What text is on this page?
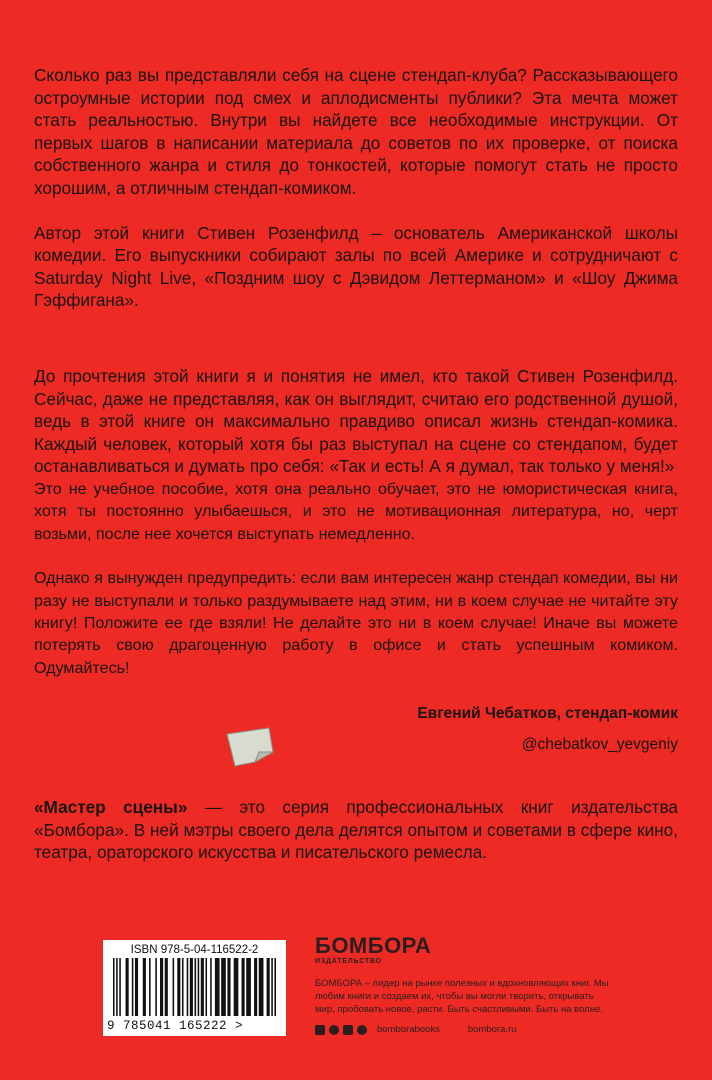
Сколько раз вы представляли себя на сцене стендап-клуба? Рассказывающего остроумные истории под смех и аплодисменты публики? Эта мечта может стать реальностью. Внутри вы найдете все необходимые инструкции. От первых шагов в написании материала до советов по их проверке, от поиска собственного жанра и стиля до тонкостей, которые помогут стать не просто хорошим, а отличным стендап-комиком.

Автор этой книги Стивен Розенфилд – основатель Американской школы комедии. Его выпускники собирают залы по всей Америке и сотрудничают с Saturday Night Live, «Поздним шоу с Дэвидом Леттерманом» и «Шоу Джима Гэффигана».

До прочтения этой книги я и понятия не имел, кто такой Стивен Розенфилд. Сейчас, даже не представляя, как он выглядит, считаю его родственной душой, ведь в этой книге он максимально правдиво описал жизнь стендап-комика. Каждый человек, который хотя бы раз выступал на сцене со стендапом, будет останавливаться и думать про себя: «Так и есть! А я думал, так только у меня!»

Это не учебное пособие, хотя она реально обучает, это не юмористическая книга, хотя ты постоянно улыбаешься, и это не мотивационная литература, но, черт возьми, после нее хочется выступать немедленно.

Однако я вынужден предупредить: если вам интересен жанр стендап комедии, вы ни разу не выступали и только раздумываете над этим, ни в коем случае не читайте эту книгу! Положите ее где взяли! Не делайте это ни в коем случае! Иначе вы можете потерять свою драгоценную работу в офисе и стать успешным комиком. Одумайтесь!

Евгений Чебатков, стендап-комик
@chebatkov_yevgeniy

«Мастер сцены» — это серия профессиональных книг издательства «Бомбора». В ней мэтры своего дела делятся опытом и советами в сфере кино, театра, ораторского искусства и писательского ремесла.

ISBN 978-5-04-116522-2
9 785041 165222 >
БОМБОРА
ИЗДАТЕЛЬСТВО
БОМБОРА – лидер на рынке полезных и вдохновляющих книг. Мы любим книги и создаем их, чтобы вы могли творить, открывать мир, пробовать новое, расти. Быть счастливыми. Быть на волне.
bomborabooks	bombora.ru
